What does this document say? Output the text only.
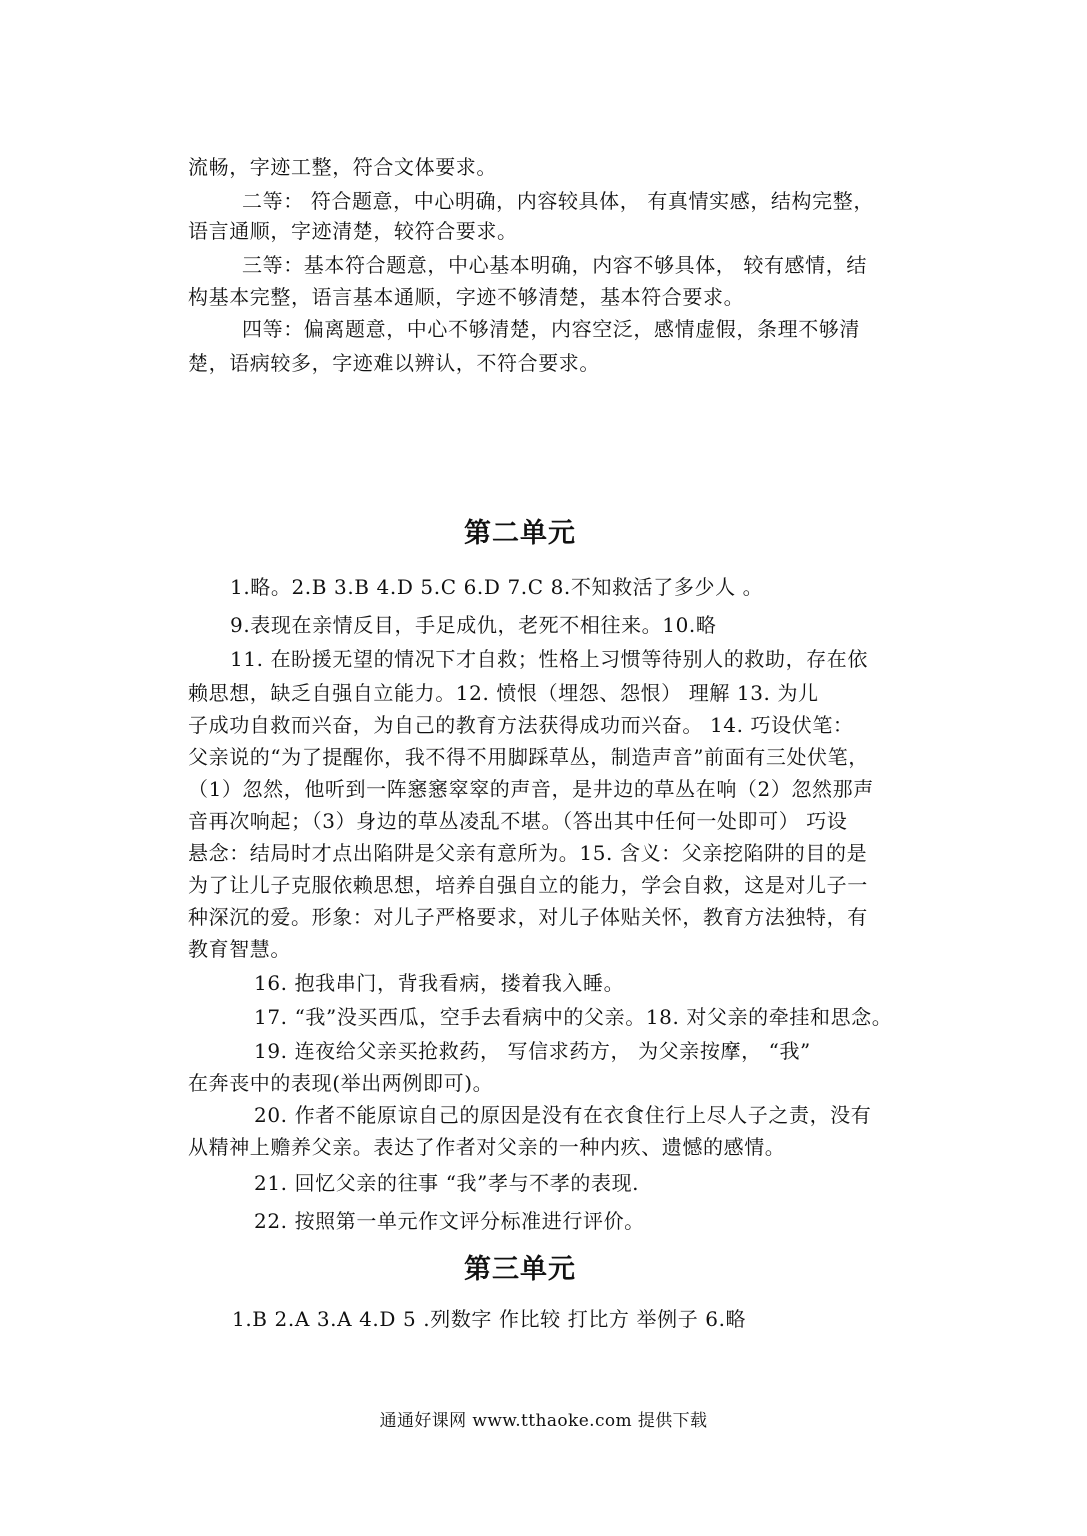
流畅，字迹工整，符合文体要求。
二等： 符合题意，中心明确，内容较具体， 有真情实感，结构完整，
语言通顺，字迹清楚，较符合要求。
三等：基本符合题意，中心基本明确，内容不够具体， 较有感情，结
构基本完整，语言基本通顺，字迹不够清楚，基本符合要求。
四等：偏离题意，中心不够清楚，内容空泛，感情虚假，条理不够清
楚，语病较多，字迹难以辨认，不符合要求。
第二单元
1.略。2.B 3.B 4.D 5.C 6.D 7.C 8.不知救活了多少人 。
9.表现在亲情反目，手足成仇，老死不相往来。10.略
11. 在盼援无望的情况下才自救；性格上习惯等待别人的救助，存在依
赖思想，缺乏自强自立能力。12. 愤恨（埋怨、怨恨） 理解 13. 为儿
子成功自救而兴奋，为自己的教育方法获得成功而兴奋。 14. 巧设伏笔：
父亲说的“为了提醒你，我不得不用脚踩草丛，制造声音”前面有三处伏笔，
（1）忽然，他听到一阵窸窸窣窣的声音，是井边的草丛在响（2）忽然那声
音再次响起；（3）身边的草丛凌乱不堪。（答出其中任何一处即可） 巧设
悬念：结局时才点出陷阱是父亲有意所为。15. 含义：父亲挖陷阱的目的是
为了让儿子克服依赖思想，培养自强自立的能力，学会自救，这是对儿子一
种深沉的爱。形象：对儿子严格要求，对儿子体贴关怀，教育方法独特，有
教育智慧。
16. 抱我串门，背我看病，搂着我入睡。
17. “我”没买西瓜，空手去看病中的父亲。18. 对父亲的牵挂和思念。
19. 连夜给父亲买抢救药， 写信求药方， 为父亲按摩， “我”
在奔丧中的表现(举出两例即可)。
20. 作者不能原谅自己的原因是没有在衣食住行上尽人子之责，没有
从精神上赡养父亲。表达了作者对父亲的一种内疚、遗憾的感情。
21. 回忆父亲的往事 “我”孝与不孝的表现.
22. 按照第一单元作文评分标准进行评价。
第三单元
1.B 2.A 3.A 4.D 5 .列数字 作比较 打比方 举例子 6.略
通通好课网 www.tthaoke.com 提供下载
